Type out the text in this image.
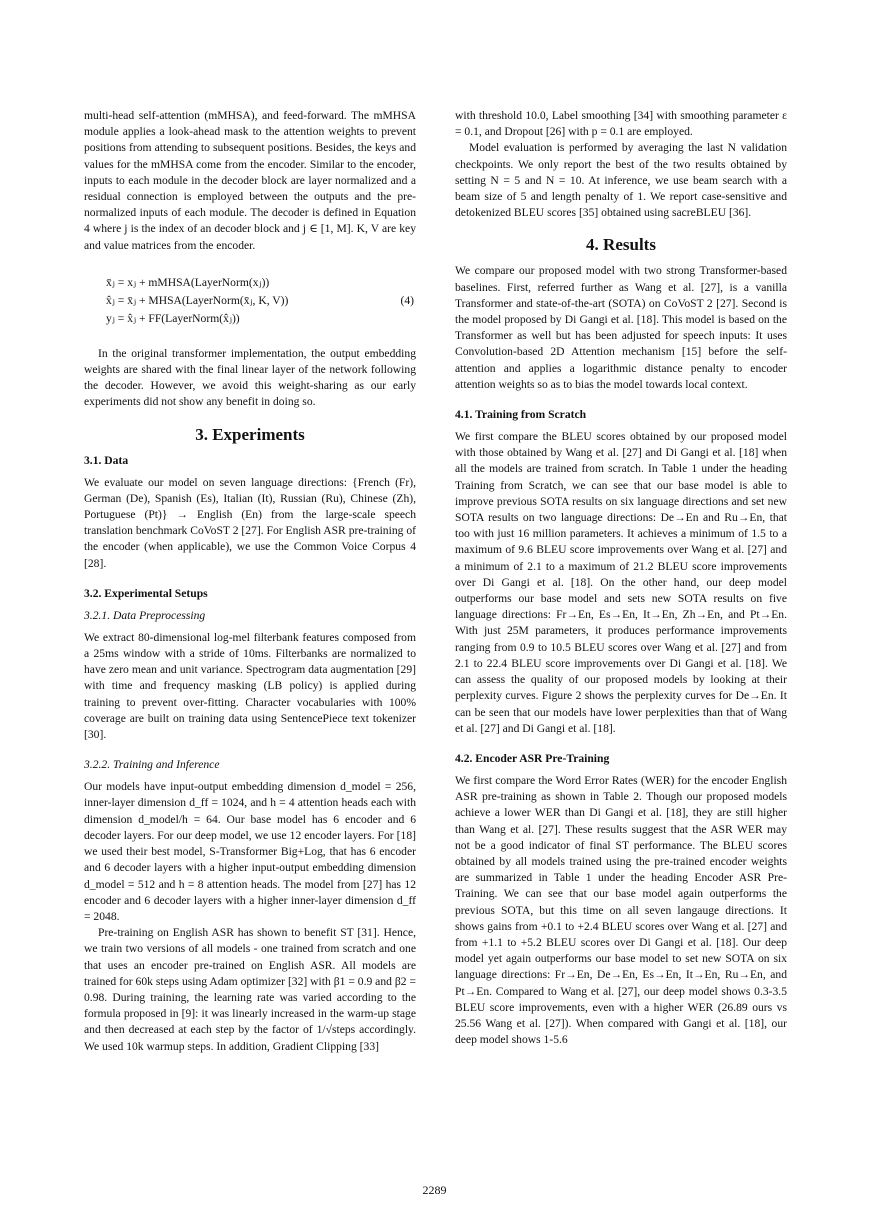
multi-head self-attention (mMHSA), and feed-forward. The mMHSA module applies a look-ahead mask to the attention weights to prevent positions from attending to subsequent positions. Besides, the keys and values for the mMHSA come from the encoder. Similar to the encoder, inputs to each module in the decoder block are layer normalized and a residual connection is employed between the outputs and the pre-normalized inputs of each module. The decoder is defined in Equation 4 where j is the index of an decoder block and j ∈ [1, M]. K, V are key and value matrices from the encoder.

x̄ⱼ = xⱼ + mMHSA(LayerNorm(xⱼ))
x̂ⱼ = x̄ⱼ + MHSA(LayerNorm(x̄ⱼ, K, V))
yⱼ = x̂ⱼ + FF(LayerNorm(x̂ⱼ))
(4)

In the original transformer implementation, the output embedding weights are shared with the final linear layer of the network following the decoder. However, we avoid this weight-sharing as our early experiments did not show any benefit in doing so.

3. Experiments
3.1. Data

We evaluate our model on seven language directions: {French (Fr), German (De), Spanish (Es), Italian (It), Russian (Ru), Chinese (Zh), Portuguese (Pt)} → English (En) from the large-scale speech translation benchmark CoVoST 2 [27]. For English ASR pre-training of the encoder (when applicable), we use the Common Voice Corpus 4 [28].

3.2. Experimental Setups
3.2.1. Data Preprocessing

We extract 80-dimensional log-mel filterbank features composed from a 25ms window with a stride of 10ms. Filterbanks are normalized to have zero mean and unit variance. Spectrogram data augmentation [29] with time and frequency masking (LB policy) is applied during training to prevent over-fitting. Character vocabularies with 100% coverage are built on training data using SentencePiece text tokenizer [30].

3.2.2. Training and Inference

Our models have input-output embedding dimension d_model = 256, inner-layer dimension d_ff = 1024, and h = 4 attention heads each with dimension d_model/h = 64. Our base model has 6 encoder and 6 decoder layers. For our deep model, we use 12 encoder layers. For [18] we used their best model, S-Transformer Big+Log, that has 6 encoder and 6 decoder layers with a higher input-output embedding dimension d_model = 512 and h = 8 attention heads. The model from [27] has 12 encoder and 6 decoder layers with a higher inner-layer dimension d_ff = 2048.

Pre-training on English ASR has shown to benefit ST [31]. Hence, we train two versions of all models - one trained from scratch and one that uses an encoder pre-trained on English ASR. All models are trained for 60k steps using Adam optimizer [32] with β1 = 0.9 and β2 = 0.98. During training, the learning rate was varied according to the formula proposed in [9]: it was linearly increased in the warm-up stage and then decreased at each step by the factor of 1/√steps accordingly. We used 10k warmup steps. In addition, Gradient Clipping [33]

with threshold 10.0, Label smoothing [34] with smoothing parameter ε = 0.1, and Dropout [26] with p = 0.1 are employed.

Model evaluation is performed by averaging the last N validation checkpoints. We only report the best of the two results obtained by setting N = 5 and N = 10. At inference, we use beam search with a beam size of 5 and length penalty of 1. We report case-sensitive and detokenized BLEU scores [35] obtained using sacreBLEU [36].

4. Results

We compare our proposed model with two strong Transformer-based baselines. First, referred further as Wang et al. [27], is a vanilla Transformer and state-of-the-art (SOTA) on CoVoST 2 [27]. Second is the model proposed by Di Gangi et al. [18]. This model is based on the Transformer as well but has been adjusted for speech inputs: It uses Convolution-based 2D Attention mechanism [15] before the self-attention and applies a logarithmic distance penalty to encoder attention weights so as to bias the model towards local context.

4.1. Training from Scratch

We first compare the BLEU scores obtained by our proposed model with those obtained by Wang et al. [27] and Di Gangi et al. [18] when all the models are trained from scratch. In Table 1 under the heading Training from Scratch, we can see that our base model is able to improve previous SOTA results on six language directions and set new SOTA results on two language directions: De→En and Ru→En, that too with just 16 million parameters. It achieves a minimum of 1.5 to a maximum of 9.6 BLEU score improvements over Wang et al. [27] and a minimum of 2.1 to a maximum of 21.2 BLEU score improvements over Di Gangi et al. [18]. On the other hand, our deep model outperforms our base model and sets new SOTA results on five language directions: Fr→En, Es→En, It→En, Zh→En, and Pt→En. With just 25M parameters, it produces performance improvements ranging from 0.9 to 10.5 BLEU scores over Wang et al. [27] and from 2.1 to 22.4 BLEU score improvements over Di Gangi et al. [18]. We can assess the quality of our proposed models by looking at their perplexity curves. Figure 2 shows the perplexity curves for De→En. It can be seen that our models have lower perplexities than that of Wang et al. [27] and Di Gangi et al. [18].

4.2. Encoder ASR Pre-Training

We first compare the Word Error Rates (WER) for the encoder English ASR pre-training as shown in Table 2. Though our proposed models achieve a lower WER than Di Gangi et al. [18], they are still higher than Wang et al. [27]. These results suggest that the ASR WER may not be a good indicator of final ST performance. The BLEU scores obtained by all models trained using the pre-trained encoder weights are summarized in Table 1 under the heading Encoder ASR Pre-Training. We can see that our base model again outperforms the previous SOTA, but this time on all seven langauge directions. It shows gains from +0.1 to +2.4 BLEU scores over Wang et al. [27] and from +1.1 to +5.2 BLEU scores over Di Gangi et al. [18]. Our deep model yet again outperforms our base model to set new SOTA on six language directions: Fr→En, De→En, Es→En, It→En, Ru→En, and Pt→En. Compared to Wang et al. [27], our deep model shows 0.3-3.5 BLEU score improvements, even with a higher WER (26.89 ours vs 25.56 Wang et al. [27]). When compared with Gangi et al. [18], our deep model shows 1-5.6

2289
